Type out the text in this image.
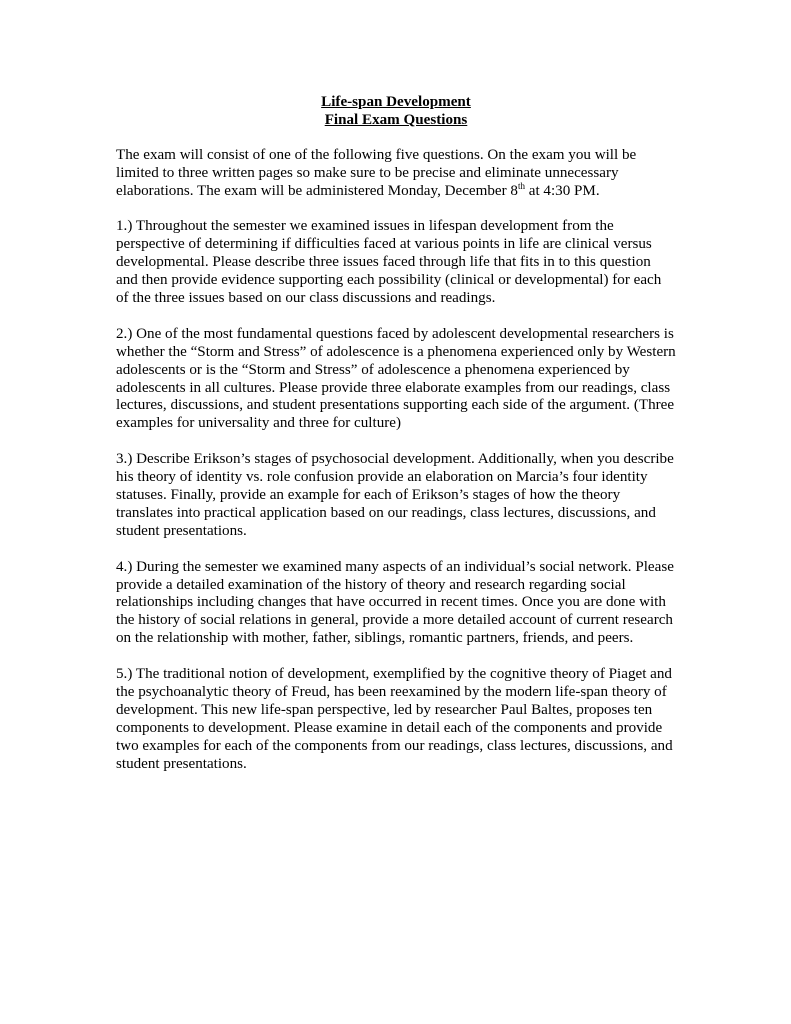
Life-span Development
Final Exam Questions

The exam will consist of one of the following five questions. On the exam you will be limited to three written pages so make sure to be precise and eliminate unnecessary elaborations. The exam will be administered Monday, December 8th at 4:30 PM.

1.) Throughout the semester we examined issues in lifespan development from the perspective of determining if difficulties faced at various points in life are clinical versus developmental. Please describe three issues faced through life that fits in to this question and then provide evidence supporting each possibility (clinical or developmental) for each of the three issues based on our class discussions and readings.

2.) One of the most fundamental questions faced by adolescent developmental researchers is whether the “Storm and Stress” of adolescence is a phenomena experienced only by Western adolescents or is the “Storm and Stress” of adolescence a phenomena experienced by adolescents in all cultures. Please provide three elaborate examples from our readings, class lectures, discussions, and student presentations supporting each side of the argument. (Three examples for universality and three for culture)

3.) Describe Erikson’s stages of psychosocial development. Additionally, when you describe his theory of identity vs. role confusion provide an elaboration on Marcia’s four identity statuses. Finally, provide an example for each of Erikson’s stages of how the theory translates into practical application based on our readings, class lectures, discussions, and student presentations.

4.) During the semester we examined many aspects of an individual’s social network. Please provide a detailed examination of the history of theory and research regarding social relationships including changes that have occurred in recent times. Once you are done with the history of social relations in general, provide a more detailed account of current research on the relationship with mother, father, siblings, romantic partners, friends, and peers.

5.) The traditional notion of development, exemplified by the cognitive theory of Piaget and the psychoanalytic theory of Freud, has been reexamined by the modern life-span theory of development. This new life-span perspective, led by researcher Paul Baltes, proposes ten components to development. Please examine in detail each of the components and provide two examples for each of the components from our readings, class lectures, discussions, and student presentations.
